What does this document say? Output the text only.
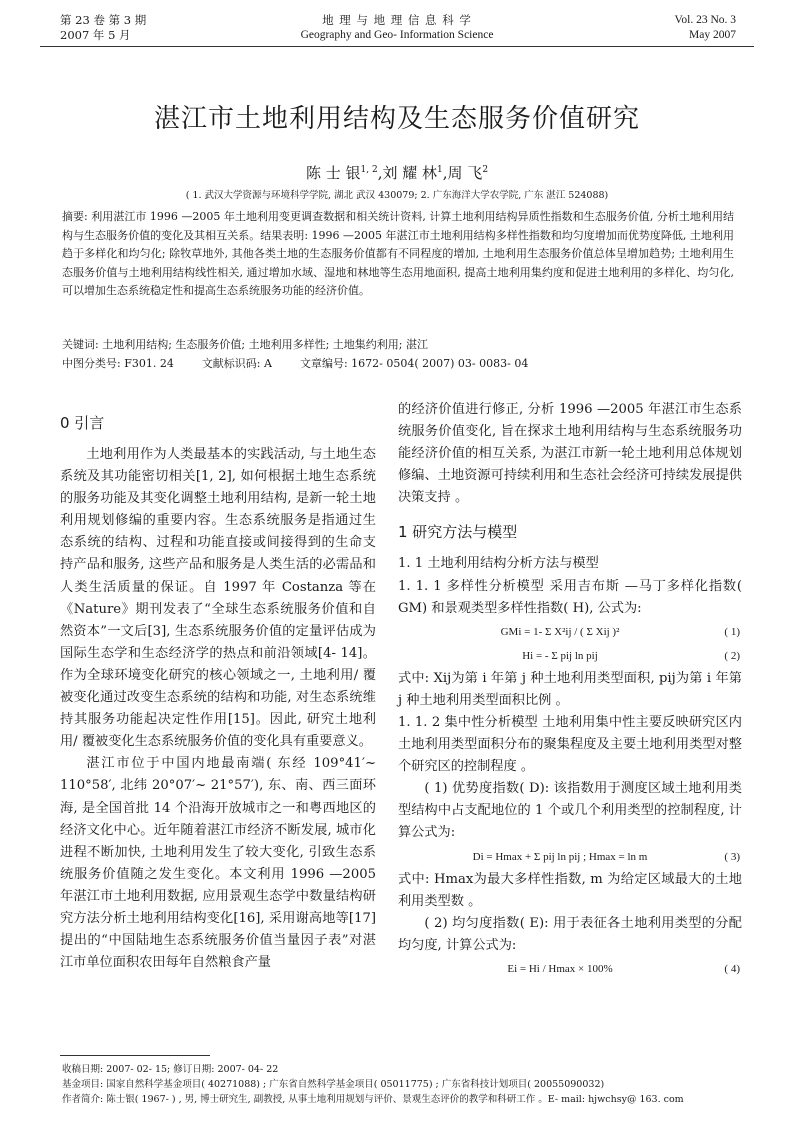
第 23 卷 第 3 期
2007 年 5 月
地 理 与 地 理 信 息 科 学
Geography and Geo- Information Science
Vol. 23 No. 3
May 2007
湛江市土地利用结构及生态服务价值研究
陈 士 银$^{1, 2}$,刘 耀 林$^1$,周 飞$^2$
( 1. 武汉大学资源与环境科学学院, 湖北 武汉 430079; 2. 广东海洋大学农学院, 广东 湛江 524088)
摘要: 利用湛江市 1996 —2005 年土地利用变更调查数据和相关统计资料, 计算土地利用结构异质性指数和生态服务价值, 分析土地利用结构与生态服务价值的变化及其相互关系。结果表明: 1996 —2005 年湛江市土地利用结构多样性指数和均匀度增加而优势度降低, 土地利用趋于多样化和均匀化; 除牧草地外, 其他各类土地的生态服务价值都有不同程度的增加, 土地利用生态服务价值总体呈增加趋势; 土地利用生态服务价值与土地利用结构线性相关, 通过增加水域、湿地和林地等生态用地面积, 提高土地利用集约度和促进土地利用的多样化、均匀化, 可以增加生态系统稳定性和提高生态系统服务功能的经济价值。
关键词: 土地利用结构; 生态服务价值; 土地利用多样性; 土地集约利用; 湛江
中图分类号: F301. 24	文献标识码: A	文章编号: 1672- 0504( 2007) 03- 0083- 04
0 引言

土地利用作为人类最基本的实践活动, 与土地生态系统及其功能密切相关[1, 2], 如何根据土地生态系统的服务功能及其变化调整土地利用结构, 是新一轮土地利用规划修编的重要内容。生态系统服务是指通过生态系统的结构、过程和功能直接或间接得到的生命支持产品和服务, 这些产品和服务是人类生活的必需品和人类生活质量的保证。自 1997 年 Costanza 等在《Nature》期刊发表了“全球生态系统服务价值和自然资本”一文后[3], 生态系统服务价值的定量评估成为国际生态学和生态经济学的热点和前沿领域[4- 14]。作为全球环境变化研究的核心领域之一, 土地利用/ 覆被变化通过改变生态系统的结构和功能, 对生态系统维持其服务功能起决定性作用[15]。因此, 研究土地利用/ 覆被变化生态系统服务价值的变化具有重要意义。

湛江市位于中国内地最南端( 东经 109°41′~ 110°58′, 北纬 20°07′~ 21°57′), 东、南、西三面环海, 是全国首批 14 个沿海开放城市之一和粤西地区的经济文化中心。近年随着湛江市经济不断发展, 城市化进程不断加快, 土地利用发生了较大变化, 引致生态系统服务价值随之发生变化。本文利用 1996 —2005 年湛江市土地利用数据, 应用景观生态学中数量结构研究方法分析土地利用结构变化[16], 采用谢高地等[17]提出的“中国陆地生态系统服务价值当量因子表”对湛江市单位面积农田每年自然粮食产量

的经济价值进行修正, 分析 1996 —2005 年湛江市生态系统服务价值变化, 旨在探求土地利用结构与生态系统服务功能经济价值的相互关系, 为湛江市新一轮土地利用总体规划修编、土地资源可持续利用和生态社会经济可持续发展提供决策支持 。

1 研究方法与模型

1. 1 土地利用结构分析方法与模型

1. 1. 1 多样性分析模型 采用吉布斯 —马丁多样化指数( GM) 和景观类型多样性指数( H), 公式为:

GMi = 1- Σ X²ij / ( Σ Xij )²	( 1)
Hi = - Σ pij ln pij	( 2)

式中: Xij为第 i 年第 j 种土地利用类型面积, pij为第 i 年第 j 种土地利用类型面积比例 。

1. 1. 2 集中性分析模型 土地利用集中性主要反映研究区内土地利用类型面积分布的聚集程度及主要土地利用类型对整个研究区的控制程度 。

( 1) 优势度指数( D): 该指数用于测度区域土地利用类型结构中占支配地位的 1 个或几个利用类型的控制程度, 计算公式为:

Di = Hmax + Σ pij ln pij ; Hmax = ln m	( 3)

式中: Hmax为最大多样性指数, m 为给定区域最大的土地利用类型数 。

( 2) 均匀度指数( E): 用于表征各土地利用类型的分配均匀度, 计算公式为:

Ei = Hi / Hmax × 100%	( 4)
收稿日期: 2007- 02- 15; 修订日期: 2007- 04- 22
基金项目: 国家自然科学基金项目( 40271088) ; 广东省自然科学基金项目( 05011775) ; 广东省科技计划项目( 20055090032)
作者简介: 陈士银( 1967- ) , 男, 博士研究生, 副教授, 从事土地利用规划与评价、景观生态评价的教学和科研工作 。E- mail: hjwchsy@ 163. com
